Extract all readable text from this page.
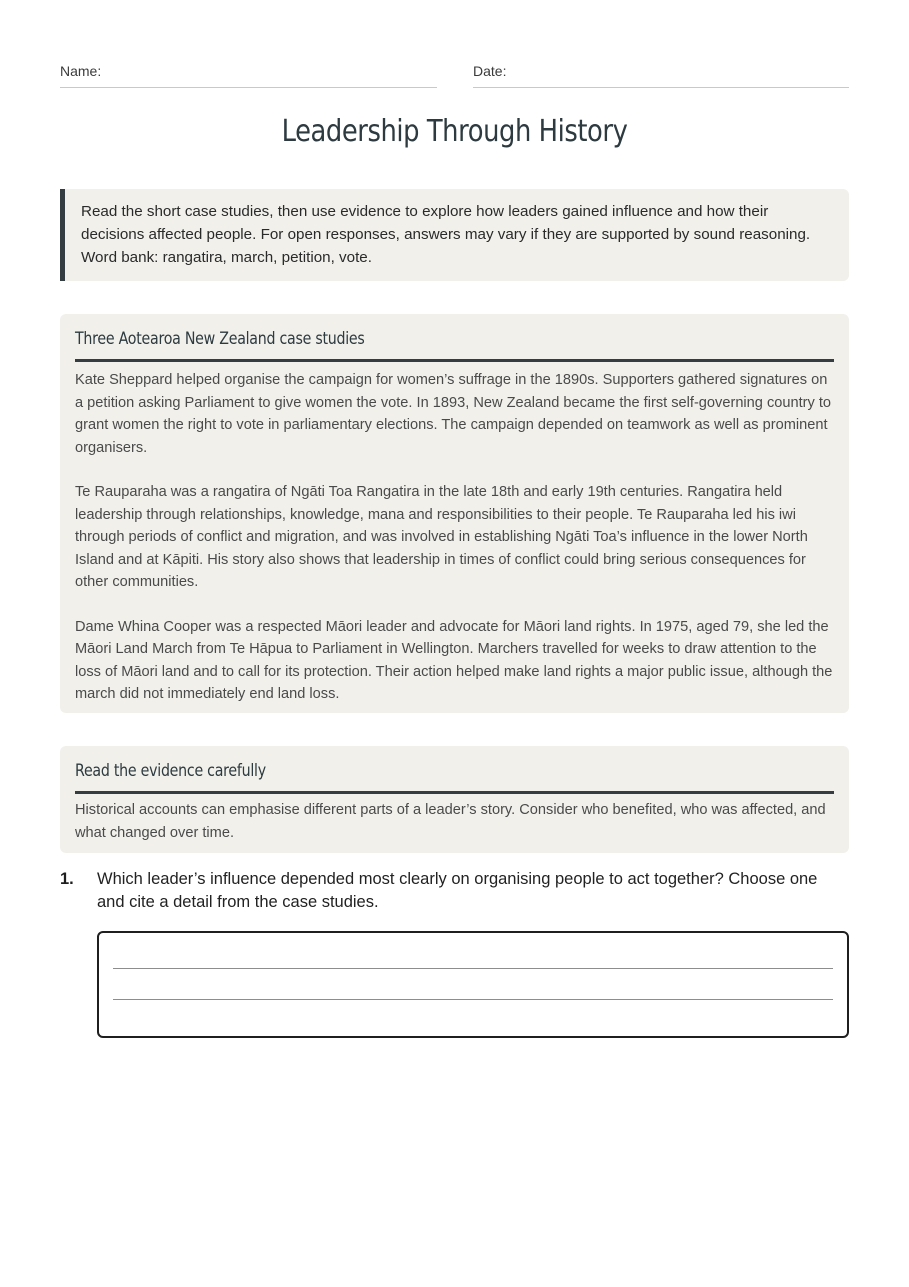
Name:	Date:
Leadership Through History
Read the short case studies, then use evidence to explore how leaders gained influence and how their decisions affected people. For open responses, answers may vary if they are supported by sound reasoning. Word bank: rangatira, march, petition, vote.
Three Aotearoa New Zealand case studies

Kate Sheppard helped organise the campaign for women’s suffrage in the 1890s. Supporters gathered signatures on a petition asking Parliament to give women the vote. In 1893, New Zealand became the first self-governing country to grant women the right to vote in parliamentary elections. The campaign depended on teamwork as well as prominent organisers.

Te Rauparaha was a rangatira of Ngāti Toa Rangatira in the late 18th and early 19th centuries. Rangatira held leadership through relationships, knowledge, mana and responsibilities to their people. Te Rauparaha led his iwi through periods of conflict and migration, and was involved in establishing Ngāti Toa’s influence in the lower North Island and at Kāpiti. His story also shows that leadership in times of conflict could bring serious consequences for other communities.

Dame Whina Cooper was a respected Māori leader and advocate for Māori land rights. In 1975, aged 79, she led the Māori Land March from Te Hāpua to Parliament in Wellington. Marchers travelled for weeks to draw attention to the loss of Māori land and to call for its protection. Their action helped make land rights a major public issue, although the march did not immediately end land loss.

Read the evidence carefully

Historical accounts can emphasise different parts of a leader’s story. Consider who benefited, who was affected, and what changed over time.

1. Which leader’s influence depended most clearly on organising people to act together? Choose one and cite a detail from the case studies.
